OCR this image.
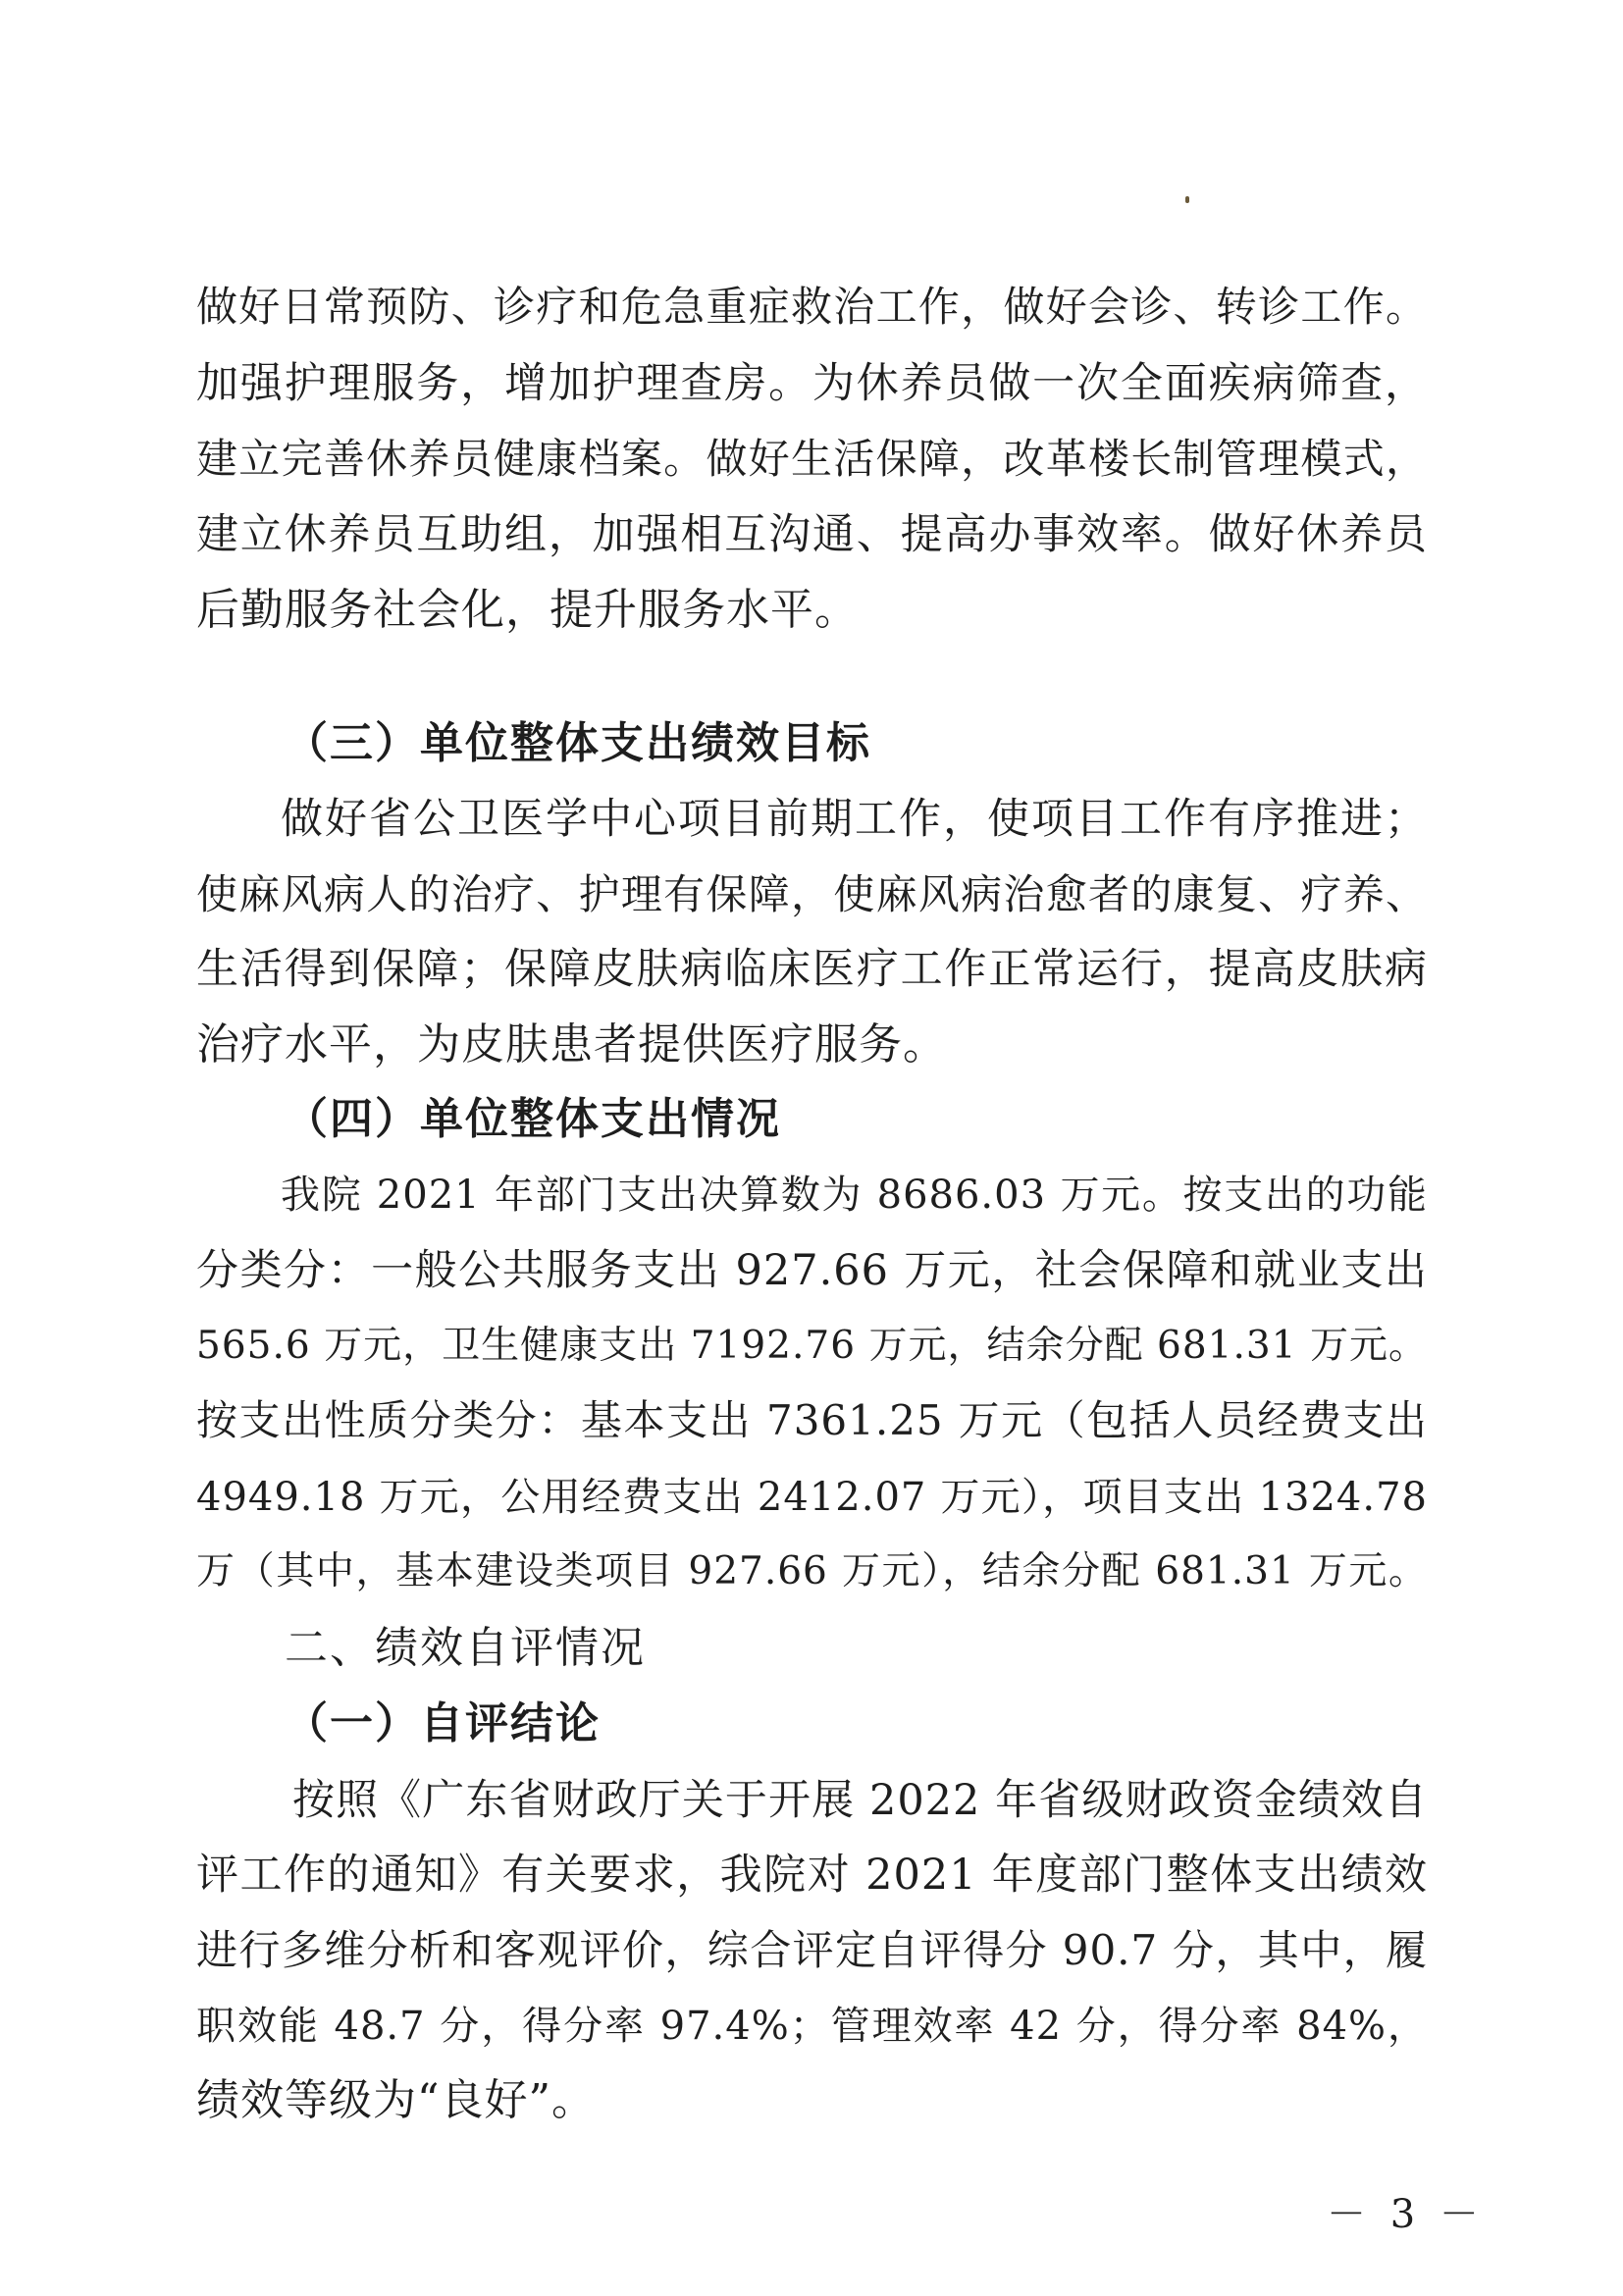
做好日常预防、诊疗和危急重症救治工作，做好会诊、转诊工作。
加强护理服务，增加护理查房。为休养员做一次全面疾病筛查，
建立完善休养员健康档案。做好生活保障，改革楼长制管理模式，
建立休养员互助组，加强相互沟通、提高办事效率。做好休养员
后勤服务社会化，提升服务水平。
（三）单位整体支出绩效目标
做好省公卫医学中心项目前期工作，使项目工作有序推进；
使麻风病人的治疗、护理有保障，使麻风病治愈者的康复、疗养、
生活得到保障；保障皮肤病临床医疗工作正常运行，提高皮肤病
治疗水平，为皮肤患者提供医疗服务。
（四）单位整体支出情况
我院 2021 年部门支出决算数为 8686.03 万元。按支出的功能
分类分：一般公共服务支出 927.66 万元，社会保障和就业支出
565.6 万元，卫生健康支出 7192.76 万元，结余分配 681.31 万元。
按支出性质分类分：基本支出 7361.25 万元（包括人员经费支出
4949.18 万元，公用经费支出 2412.07 万元），项目支出 1324.78
万（其中，基本建设类项目 927.66 万元），结余分配 681.31 万元。
二、绩效自评情况
（一）自评结论
按照《广东省财政厅关于开展 2022 年省级财政资金绩效自
评工作的通知》有关要求，我院对 2021 年度部门整体支出绩效
进行多维分析和客观评价，综合评定自评得分 90.7 分，其中，履
职效能 48.7 分，得分率 97.4%；管理效率 42 分，得分率 84%，
绩效等级为“良好”。
－ 3 －
